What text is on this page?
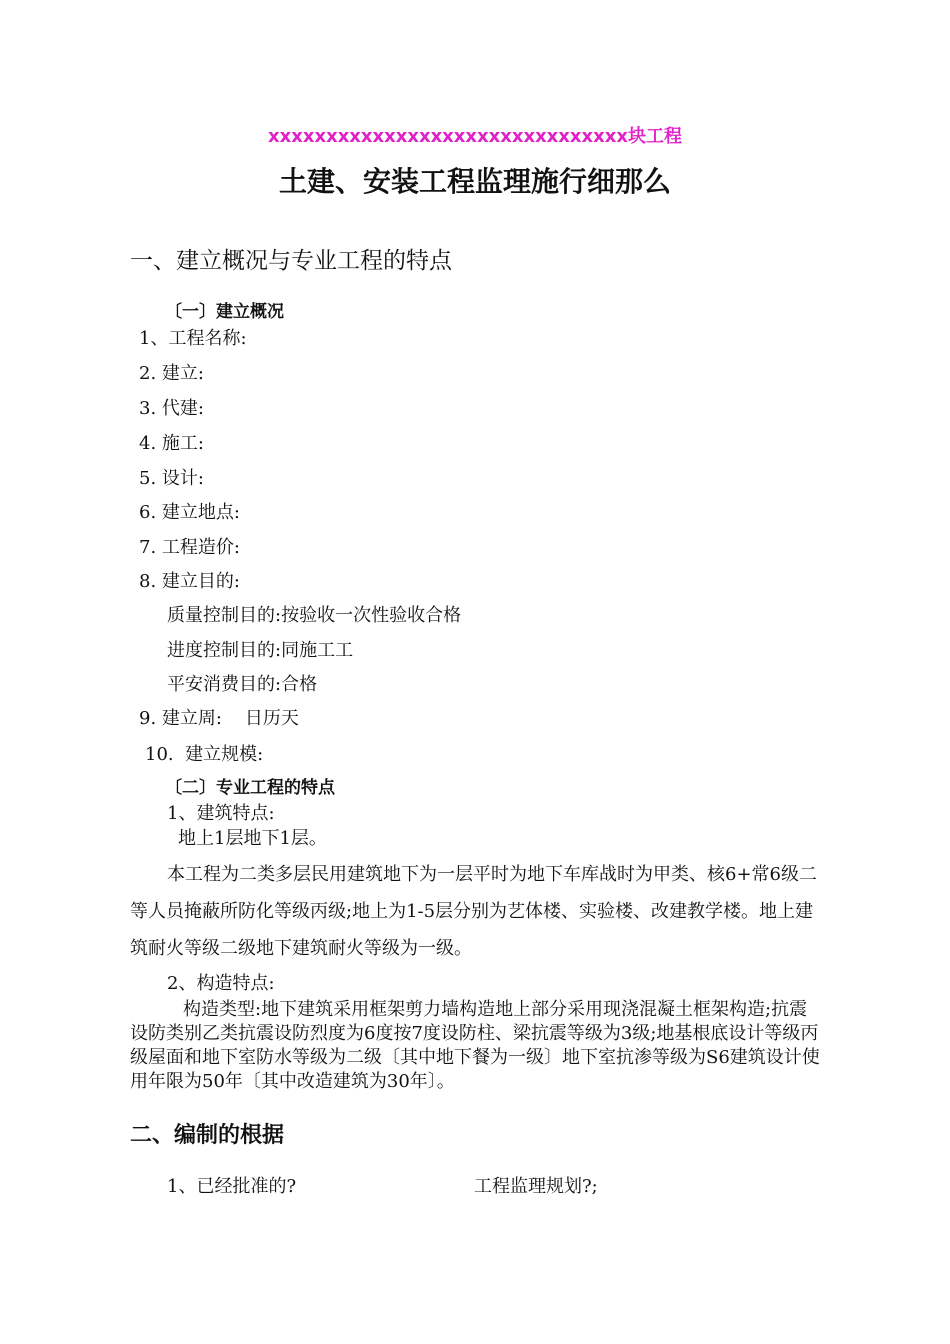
xxxxxxxxxxxxxxxxxxxxxxxxxxxxxxx块工程
土建、安装工程监理施行细那么
一、建立概况与专业工程的特点
〔一〕建立概况
1、工程名称:
2. 建立:
3. 代建:
4. 施工:
5. 设计:
6. 建立地点:
7. 工程造价:
8. 建立目的:
质量控制目的:按验收一次性验收合格
进度控制目的:同施工工
平安消费目的:合格
9. 建立周:    日历天
10.  建立规模:
〔二〕专业工程的特点
1、建筑特点:
地上1层地下1层。
本工程为二类多层民用建筑地下为一层平时为地下车库战时为甲类、核6+常6级二等人员掩蔽所防化等级丙级;地上为1-5层分别为艺体楼、实验楼、改建教学楼。地上建筑耐火等级二级地下建筑耐火等级为一级。
2、构造特点:
构造类型:地下建筑采用框架剪力墙构造地上部分采用现浇混凝土框架构造;抗震设防类别乙类抗震设防烈度为6度按7度设防柱、梁抗震等级为3级;地基根底设计等级丙级屋面和地下室防水等级为二级〔其中地下餐为一级〕地下室抗渗等级为S6建筑设计使用年限为50年〔其中改造建筑为30年〕。
二、编制的根据
1、已经批准的?	工程监理规划?;
